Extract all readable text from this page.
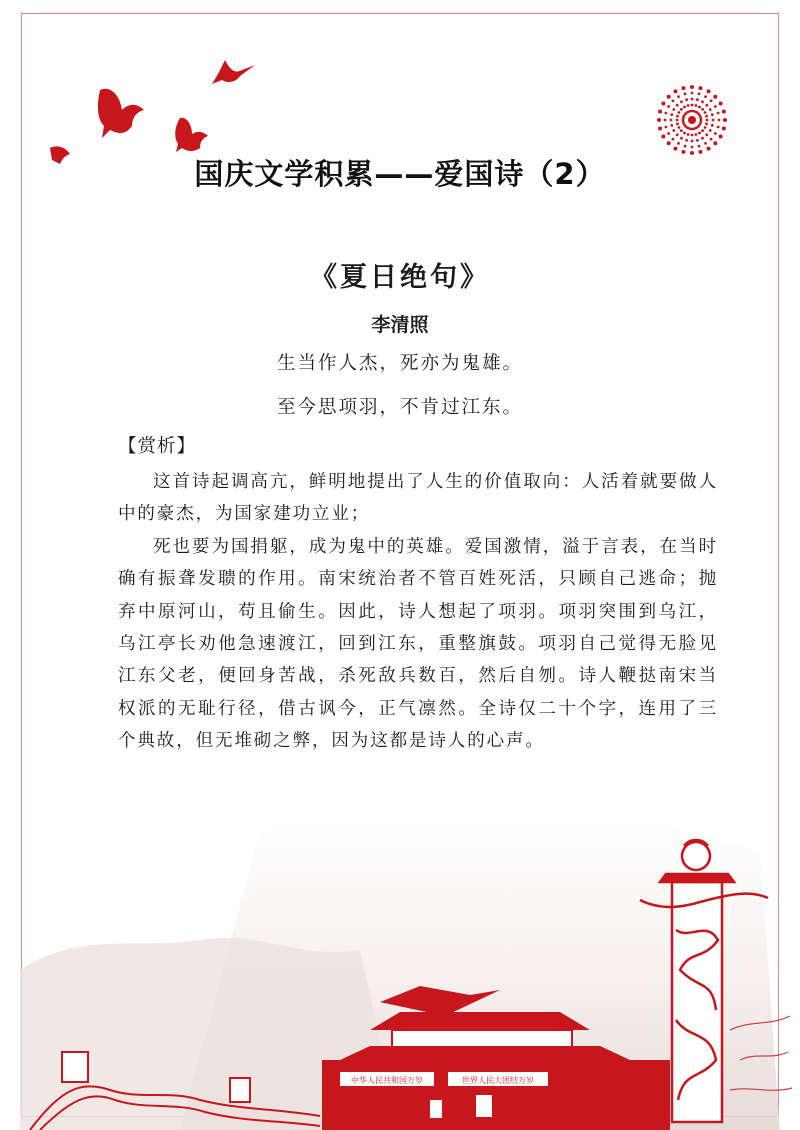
国庆文学积累——爱国诗（2）
《夏日绝句》
李清照
生当作人杰，死亦为鬼雄。
至今思项羽，不肯过江东。
【赏析】

这首诗起调高亢，鲜明地提出了人生的价值取向：人活着就要做人中的豪杰，为国家建功立业；

死也要为国捐躯，成为鬼中的英雄。爱国激情，溢于言表，在当时确有振聋发聩的作用。南宋统治者不管百姓死活，只顾自己逃命；抛弃中原河山，苟且偷生。因此，诗人想起了项羽。项羽突围到乌江，乌江亭长劝他急速渡江，回到江东，重整旗鼓。项羽自己觉得无脸见江东父老，便回身苦战，杀死敌兵数百，然后自刎。诗人鞭挞南宋当权派的无耻行径，借古讽今，正气凛然。全诗仅二十个字，连用了三个典故，但无堆砌之弊，因为这都是诗人的心声。

中华人民共和国万岁	世界人民大团结万岁
